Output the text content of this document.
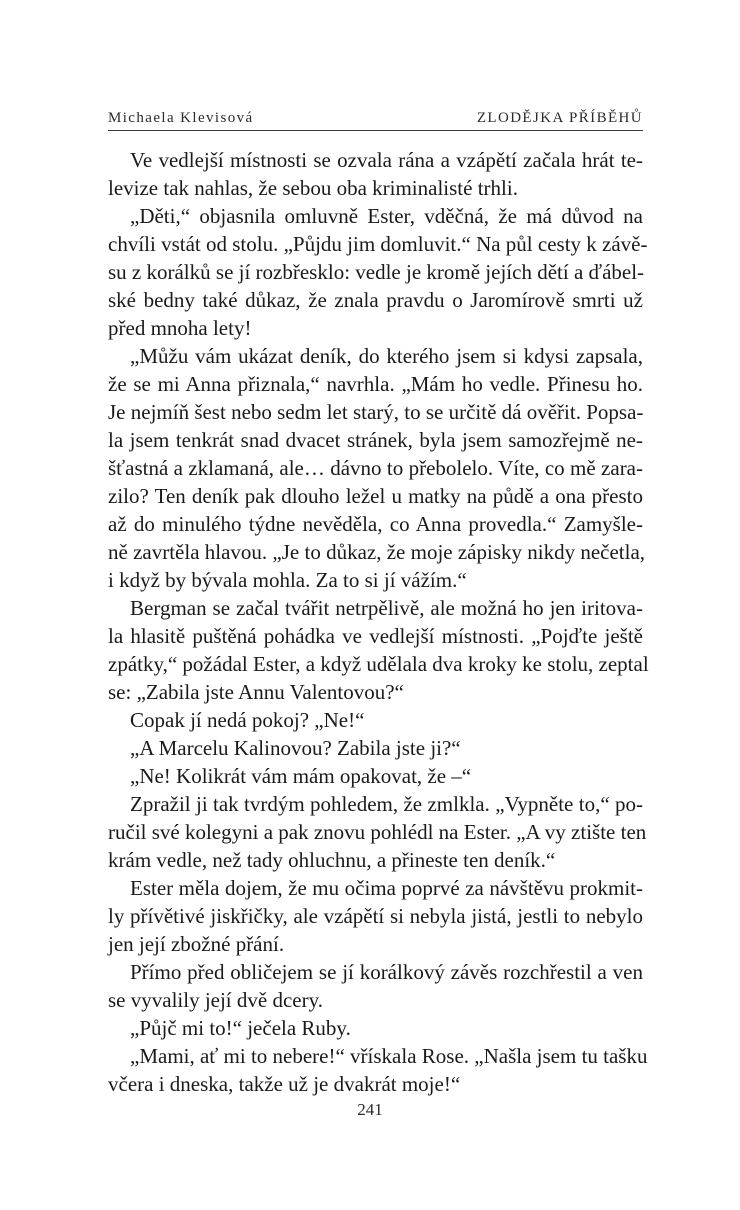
Michaela Klevisová	ZLODĚJKA PŘÍBĚHŮ

Ve vedlejší místnosti se ozvala rána a vzápětí začala hrát te-
levize tak nahlas, že sebou oba kriminalisté trhli.

„Děti,“ objasnila omluvně Ester, vděčná, že má důvod na
chvíli vstát od stolu. „Půjdu jim domluvit.“ Na půl cesty k závě-
su z korálků se jí rozbřesklo: vedle je kromě jejích dětí a ďábel-
ské bedny také důkaz, že znala pravdu o Jaromírově smrti už
před mnoha lety!

„Můžu vám ukázat deník, do kterého jsem si kdysi zapsala,
že se mi Anna přiznala,“ navrhla. „Mám ho vedle. Přinesu ho.
Je nejmíň šest nebo sedm let starý, to se určitě dá ověřit. Popsa-
la jsem tenkrát snad dvacet stránek, byla jsem samozřejmě ne-
šťastná a zklamaná, ale… dávno to přebolelo. Víte, co mě zara-
zilo? Ten deník pak dlouho ležel u matky na půdě a ona přesto
až do minulého týdne nevěděla, co Anna provedla.“ Zamyšle-
ně zavrtěla hlavou. „Je to důkaz, že moje zápisky nikdy nečetla,
i když by bývala mohla. Za to si jí vážím.“

Bergman se začal tvářit netrpělivě, ale možná ho jen iritova-
la hlasitě puštěná pohádka ve vedlejší místnosti. „Pojďte ještě
zpátky,“ požádal Ester, a když udělala dva kroky ke stolu, zeptal
se: „Zabila jste Annu Valentovou?“

Copak jí nedá pokoj? „Ne!“

„A Marcelu Kalinovou? Zabila jste ji?“

„Ne! Kolikrát vám mám opakovat, že –“

Zpražil ji tak tvrdým pohledem, že zmlkla. „Vypněte to,“ po-
ručil své kolegyni a pak znovu pohlédl na Ester. „A vy ztište ten
krám vedle, než tady ohluchnu, a přineste ten deník.“

Ester měla dojem, že mu očima poprvé za návštěvu prokmit-
ly přívětivé jiskřičky, ale vzápětí si nebyla jistá, jestli to nebylo
jen její zbožné přání.

Přímo před obličejem se jí korálkový závěs rozchřestil a ven
se vyvalily její dvě dcery.

„Půjč mi to!“ ječela Ruby.

„Mami, ať mi to nebere!“ vřískala Rose. „Našla jsem tu tašku
včera i dneska, takže už je dvakrát moje!“

241
